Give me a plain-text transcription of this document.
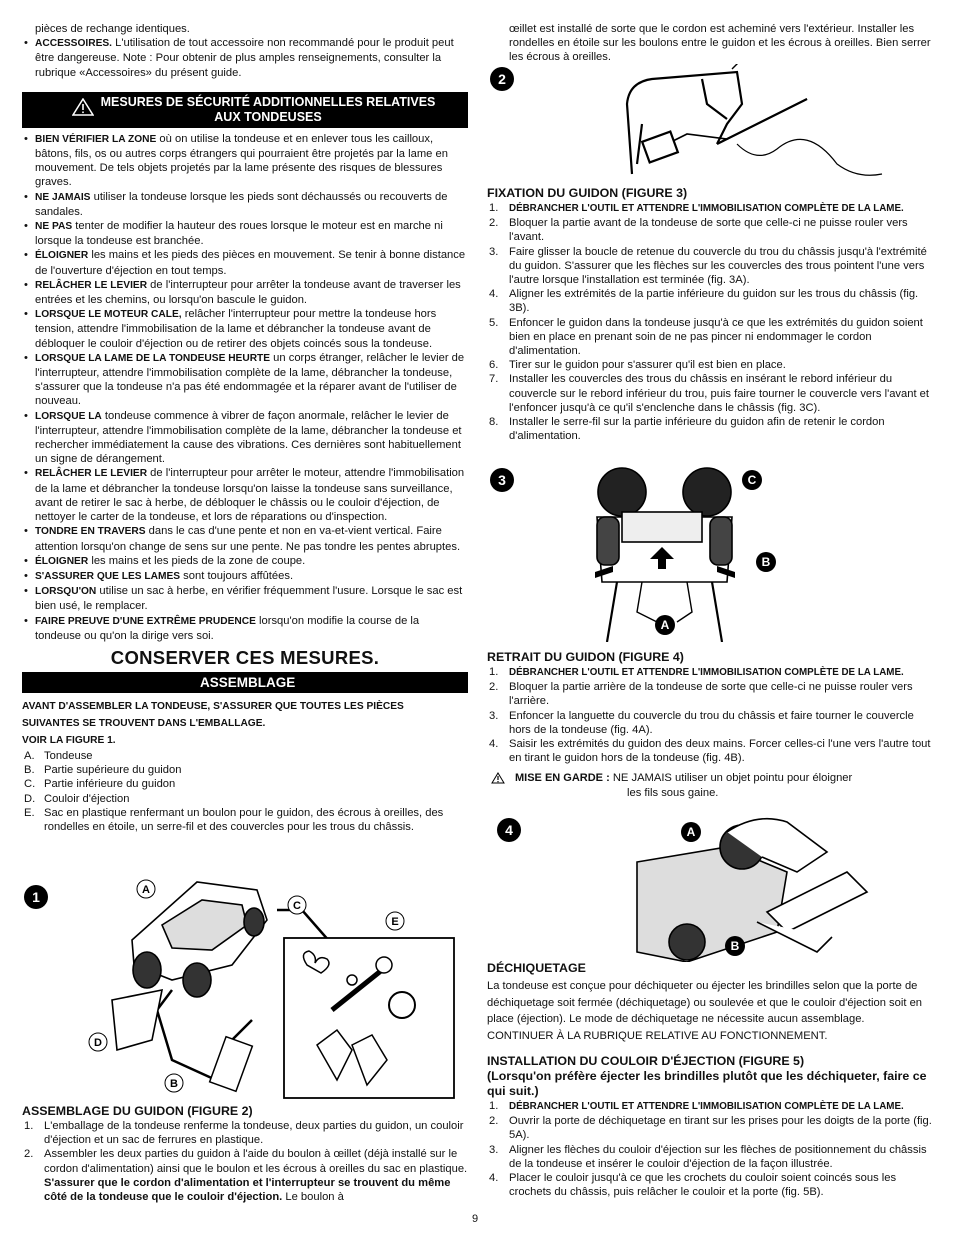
pièces de rechange identiques.
• ACCESSOIRES. L'utilisation de tout accessoire non recommandé pour le produit peut être dangereuse. Note : Pour obtenir de plus amples renseignements, consulter la rubrique «Accessoires» du présent guide.
MESURES DE SÉCURITÉ ADDITIONNELLES RELATIVES
AUX TONDEUSES
• BIEN VÉRIFIER LA ZONE où on utilise la tondeuse et en enlever tous les cailloux, bâtons, fils, os ou autres corps étrangers qui pourraient être projetés par la lame en mouvement. De tels objets projetés par la lame présente des risques de blessures graves.
• NE JAMAIS utiliser la tondeuse lorsque les pieds sont déchaussés ou recouverts de sandales.
• NE PAS tenter de modifier la hauteur des roues lorsque le moteur est en marche ni lorsque la tondeuse est branchée.
• ÉLOIGNER les mains et les pieds des pièces en mouvement. Se tenir à bonne distance de l'ouverture d'éjection en tout temps.
• RELÂCHER LE LEVIER de l'interrupteur pour arrêter la tondeuse avant de traverser les entrées et les chemins, ou lorsqu'on bascule le guidon.
• LORSQUE LE MOTEUR CALE, relâcher l'interrupteur pour mettre la tondeuse hors tension, attendre l'immobilisation de la lame et débrancher la tondeuse avant de débloquer le couloir d'éjection ou de retirer des objets coincés sous la tondeuse.
• LORSQUE LA LAME DE LA TONDEUSE HEURTE un corps étranger, relâcher le levier de l'interrupteur, attendre l'immobilisation complète de la lame, débrancher la tondeuse, s'assurer que la tondeuse n'a pas été endommagée et la réparer avant de l'utiliser de nouveau.
• LORSQUE LA tondeuse commence à vibrer de façon anormale, relâcher le levier de l'interrupteur, attendre l'immobilisation complète de la lame, débrancher la tondeuse et rechercher immédiatement la cause des vibrations. Ces dernières sont habituellement un signe de dérangement.
• RELÂCHER LE LEVIER de l'interrupteur pour arrêter le moteur, attendre l'immobilisation de la lame et débrancher la tondeuse lorsqu'on laisse la tondeuse sans surveillance, avant de retirer le sac à herbe, de débloquer le châssis ou le couloir d'éjection, de nettoyer le carter de la tondeuse, et lors de réparations ou d'inspection.
• TONDRE EN TRAVERS dans le cas d'une pente et non en va-et-vient vertical. Faire attention lorsqu'on change de sens sur une pente. Ne pas tondre les pentes abruptes.
• ÉLOIGNER les mains et les pieds de la zone de coupe.
• S'ASSURER QUE LES LAMES sont toujours affûtées.
• LORSQU'ON utilise un sac à herbe, en vérifier fréquemment l'usure. Lorsque le sac est bien usé, le remplacer.
• FAIRE PREUVE D'UNE EXTRÊME PRUDENCE lorsqu'on modifie la course de la tondeuse ou qu'on la dirige vers soi.
CONSERVER CES MESURES.
ASSEMBLAGE
AVANT D'ASSEMBLER LA TONDEUSE, S'ASSURER QUE TOUTES LES PIÈCES
SUIVANTES SE TROUVENT DANS L'EMBALLAGE.
VOIR LA FIGURE 1.
A. Tondeuse
B. Partie supérieure du guidon
C. Partie inférieure du guidon
D. Couloir d'éjection
E. Sac en plastique renfermant un boulon pour le guidon, des écrous à oreilles, des rondelles en étoile, un serre-fil et des couvercles pour les trous du châssis.
1	A
C
E
D
B
ASSEMBLAGE DU GUIDON (FIGURE 2)
1. L'emballage de la tondeuse renferme la tondeuse, deux parties du guidon, un couloir d'éjection et un sac de ferrures en plastique.
2. Assembler les deux parties du guidon à l'aide du boulon à œillet (déjà installé sur le cordon d'alimentation) ainsi que le boulon et les écrous à oreilles du sac en plastique. S'assurer que le cordon d'alimentation et l'interrupteur se trouvent du même côté de la tondeuse que le couloir d'éjection. Le boulon à

œillet est installé de sorte que le cordon est acheminé vers l'extérieur. Installer les rondelles en étoile sur les boulons entre le guidon et les écrous à oreilles. Bien serrer les écrous à oreilles.

2
FIXATION DU GUIDON (FIGURE 3)
1. DÉBRANCHER L'OUTIL ET ATTENDRE L'IMMOBILISATION COMPLÈTE DE LA LAME.
2. Bloquer la partie avant de la tondeuse de sorte que celle-ci ne puisse rouler vers l'avant.
3. Faire glisser la boucle de retenue du couvercle du trou du châssis jusqu'à l'extrémité du guidon. S'assurer que les flèches sur les couvercles des trous pointent l'une vers l'autre lorsque l'installation est terminée (fig. 3A).
4. Aligner les extrémités de la partie inférieure du guidon sur les trous du châssis (fig. 3B).
5. Enfoncer le guidon dans la tondeuse jusqu'à ce que les extrémités du guidon soient bien en place en prenant soin de ne pas pincer ni endommager le cordon d'alimentation.
6. Tirer sur le guidon pour s'assurer qu'il est bien en place.
7. Installer les couvercles des trous du châssis en insérant le rebord inférieur du couvercle sur le rebord inférieur du trou, puis faire tourner le couvercle vers l'avant et l'enfoncer jusqu'à ce qu'il s'enclenche dans le châssis (fig. 3C).
8. Installer le serre-fil sur la partie inférieure du guidon afin de retenir le cordon d'alimentation.
3	C
B
A
RETRAIT DU GUIDON (FIGURE 4)
1. DÉBRANCHER L'OUTIL ET ATTENDRE L'IMMOBILISATION COMPLÈTE DE LA LAME.
2. Bloquer la partie arrière de la tondeuse de sorte que celle-ci ne puisse rouler vers l'arrière.
3. Enfoncer la languette du couvercle du trou du châssis et faire tourner le couvercle hors de la tondeuse (fig. 4A).
4. Saisir les extrémités du guidon des deux mains. Forcer celles-ci l'une vers l'autre tout en tirant le guidon hors de la tondeuse (fig. 4B).
MISE EN GARDE : NE JAMAIS utiliser un objet pointu pour éloigner
les fils sous gaine.
4	A
B
DÉCHIQUETAGE

La tondeuse est conçue pour déchiqueter ou éjecter les brindilles selon que la porte de déchiquetage soit fermée (déchiquetage) ou soulevée et que le couloir d'éjection soit en place (éjection). Le mode de déchiquetage ne nécessite aucun assemblage. CONTINUER À LA RUBRIQUE RELATIVE AU FONCTIONNEMENT.

INSTALLATION DU COULOIR D'ÉJECTION (FIGURE 5)
(Lorsqu'on préfère éjecter les brindilles plutôt que les déchiqueter, faire ce qui suit.)
1. DÉBRANCHER L'OUTIL ET ATTENDRE L'IMMOBILISATION COMPLÈTE DE LA LAME.
2. Ouvrir la porte de déchiquetage en tirant sur les prises pour les doigts de la porte (fig. 5A).
3. Aligner les flèches du couloir d'éjection sur les flèches de positionnement du châssis de la tondeuse et insérer le couloir d'éjection de la façon illustrée.
4. Placer le couloir jusqu'à ce que les crochets du couloir soient coincés sous les crochets du châssis, puis relâcher le couloir et la porte (fig. 5B).
9
